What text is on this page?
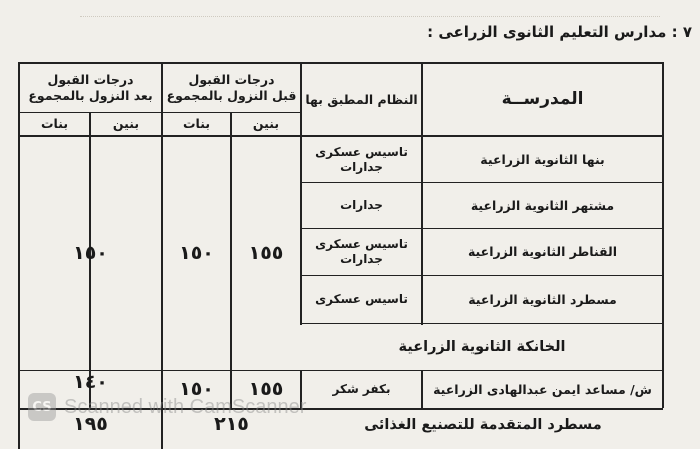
٧ : مدارس التعليم الثانوى الزراعى :
درجات القبول
قبل النزول بالمجموع
درجات القبول
بعد النزول بالمجموع	النظام المطبق بها	المدرســة
بنين
بنات
بنين
بنات
بنها الثانوية الزراعية
تاسيس عسكرى
جدارات
مشتهر الثانوية الزراعية
جدارات
القناطر الثانوية الزراعية
تاسيس عسكرى
جدارات
مسطرد الثانوية الزراعية
تاسيس عسكرى
١٥٥
١٥٠
١٥٠
الخانكة الثانوية الزراعية
ش/ مساعد ايمن عبدالهادى الزراعية
بكفر شكر
١٥٥
١٥٠
١٤٠
مسطرد المتقدمة للتصنيع الغذائى
٢١٥
١٩٥
CS Scanned with CamScanner
